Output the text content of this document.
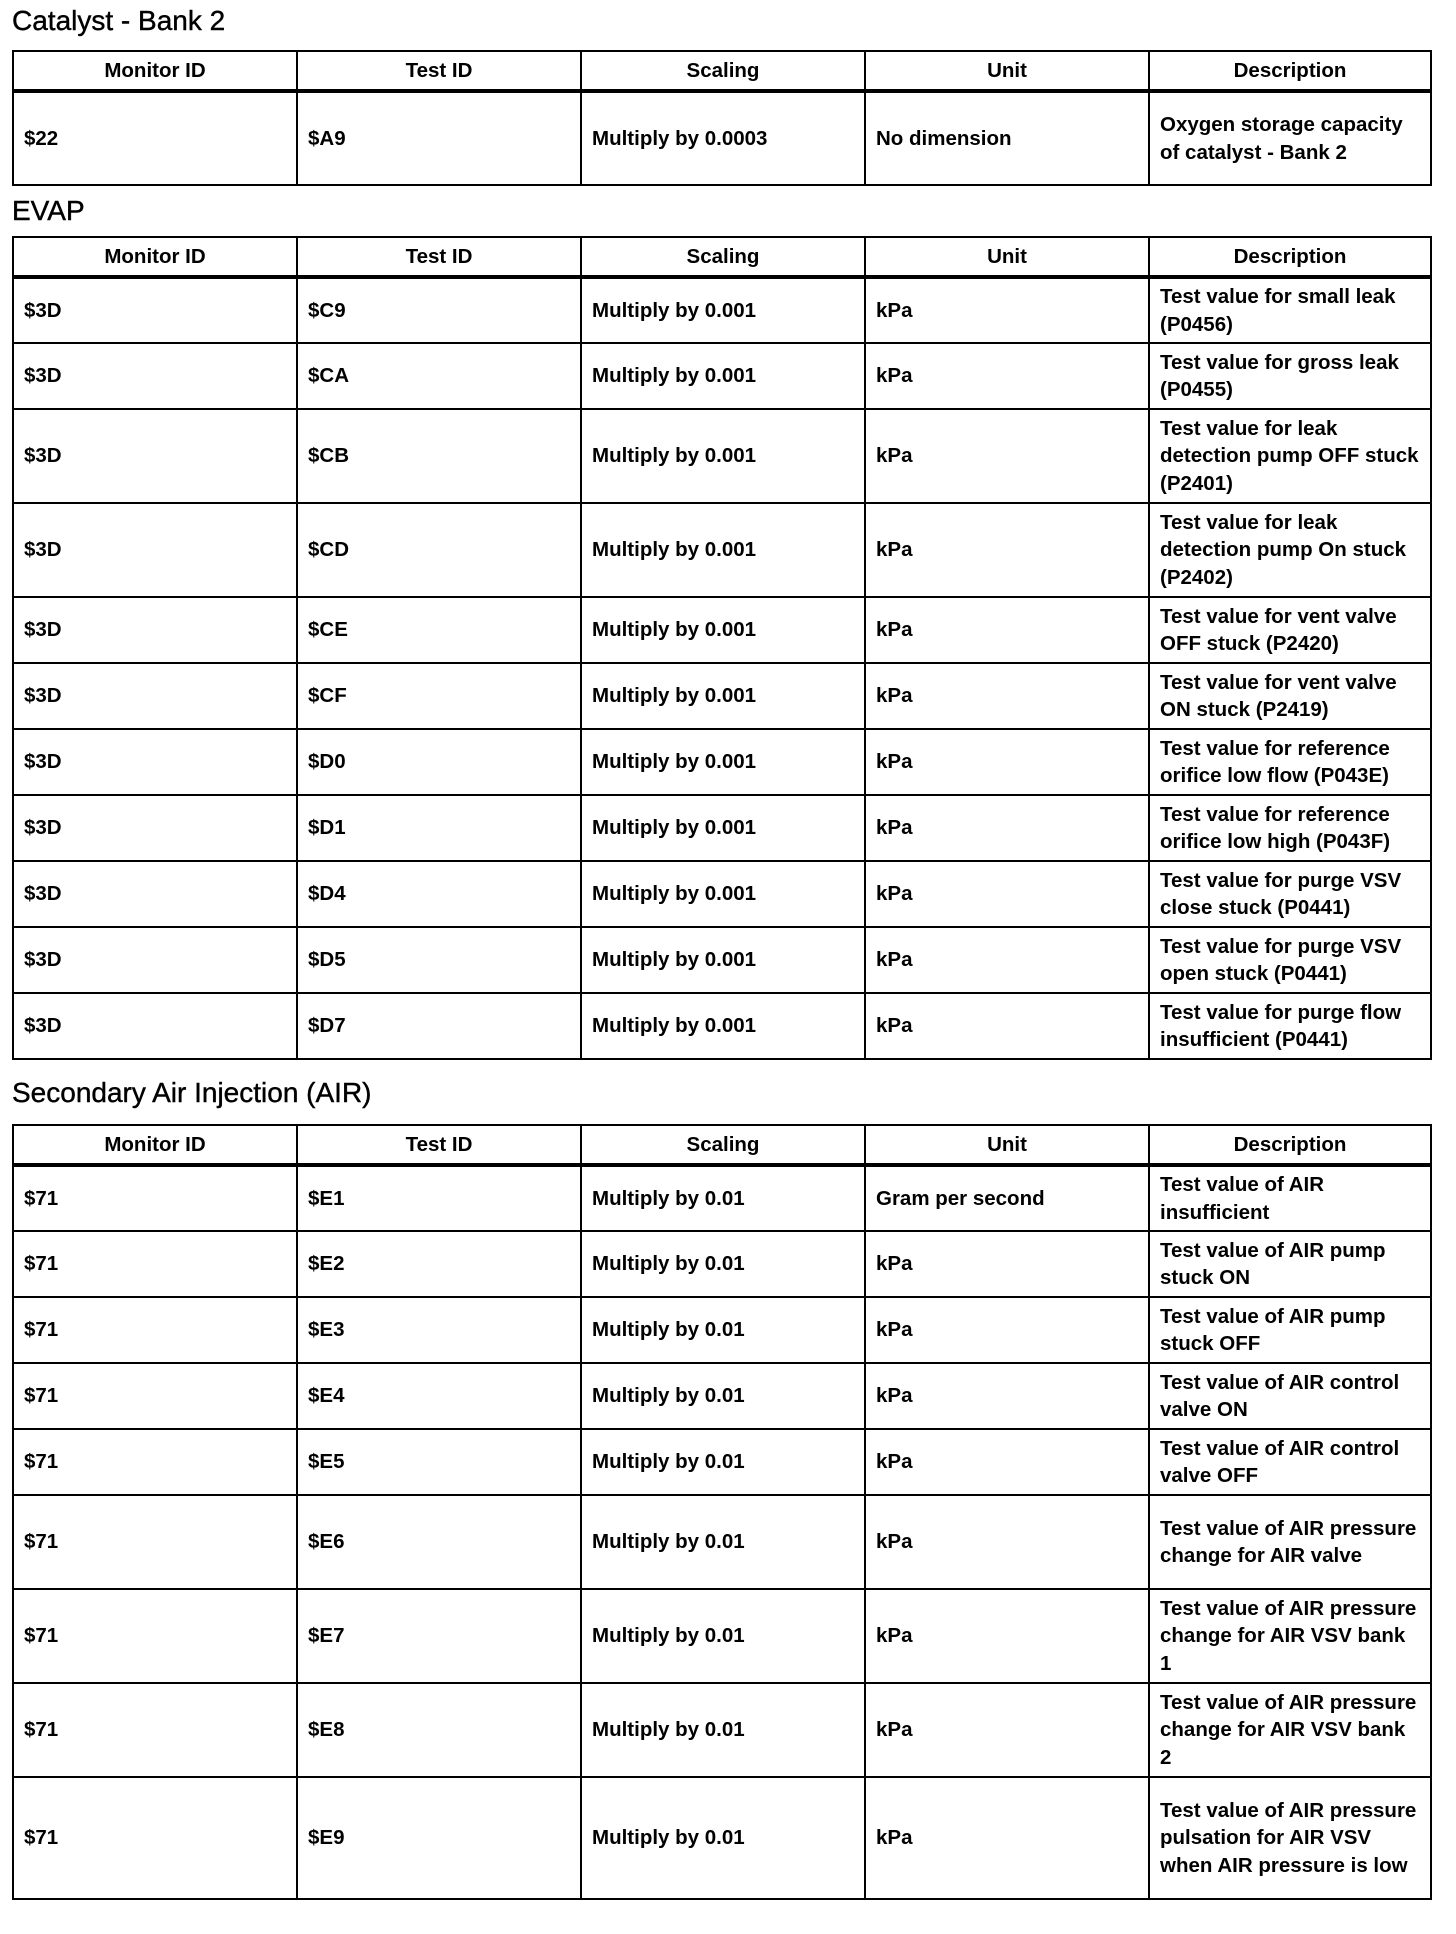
Catalyst - Bank 2
Monitor ID	Test ID	Scaling	Unit	Description
$22	$A9	Multiply by 0.0003	No dimension	Oxygen storage capacity of catalyst - Bank 2
EVAP
Monitor ID	Test ID	Scaling	Unit	Description
$3D	$C9	Multiply by 0.001	kPa	Test value for small leak (P0456)
$3D	$CA	Multiply by 0.001	kPa	Test value for gross leak (P0455)
$3D	$CB	Multiply by 0.001	kPa	Test value for leak detection pump OFF stuck (P2401)
$3D	$CD	Multiply by 0.001	kPa	Test value for leak detection pump On stuck (P2402)
$3D	$CE	Multiply by 0.001	kPa	Test value for vent valve OFF stuck (P2420)
$3D	$CF	Multiply by 0.001	kPa	Test value for vent valve ON stuck (P2419)
$3D	$D0	Multiply by 0.001	kPa	Test value for reference orifice low flow (P043E)
$3D	$D1	Multiply by 0.001	kPa	Test value for reference orifice low high (P043F)
$3D	$D4	Multiply by 0.001	kPa	Test value for purge VSV close stuck (P0441)
$3D	$D5	Multiply by 0.001	kPa	Test value for purge VSV open stuck (P0441)
$3D	$D7	Multiply by 0.001	kPa	Test value for purge flow insufficient (P0441)
Secondary Air Injection (AIR)
Monitor ID	Test ID	Scaling	Unit	Description
$71	$E1	Multiply by 0.01	Gram per second	Test value of AIR insufficient
$71	$E2	Multiply by 0.01	kPa	Test value of AIR pump stuck ON
$71	$E3	Multiply by 0.01	kPa	Test value of AIR pump stuck OFF
$71	$E4	Multiply by 0.01	kPa	Test value of AIR control valve ON
$71	$E5	Multiply by 0.01	kPa	Test value of AIR control valve OFF
$71	$E6	Multiply by 0.01	kPa	Test value of AIR pressure change for AIR valve
$71	$E7	Multiply by 0.01	kPa	Test value of AIR pressure change for AIR VSV bank 1
$71	$E8	Multiply by 0.01	kPa	Test value of AIR pressure change for AIR VSV bank 2
$71	$E9	Multiply by 0.01	kPa	Test value of AIR pressure pulsation for AIR VSV when AIR pressure is low
